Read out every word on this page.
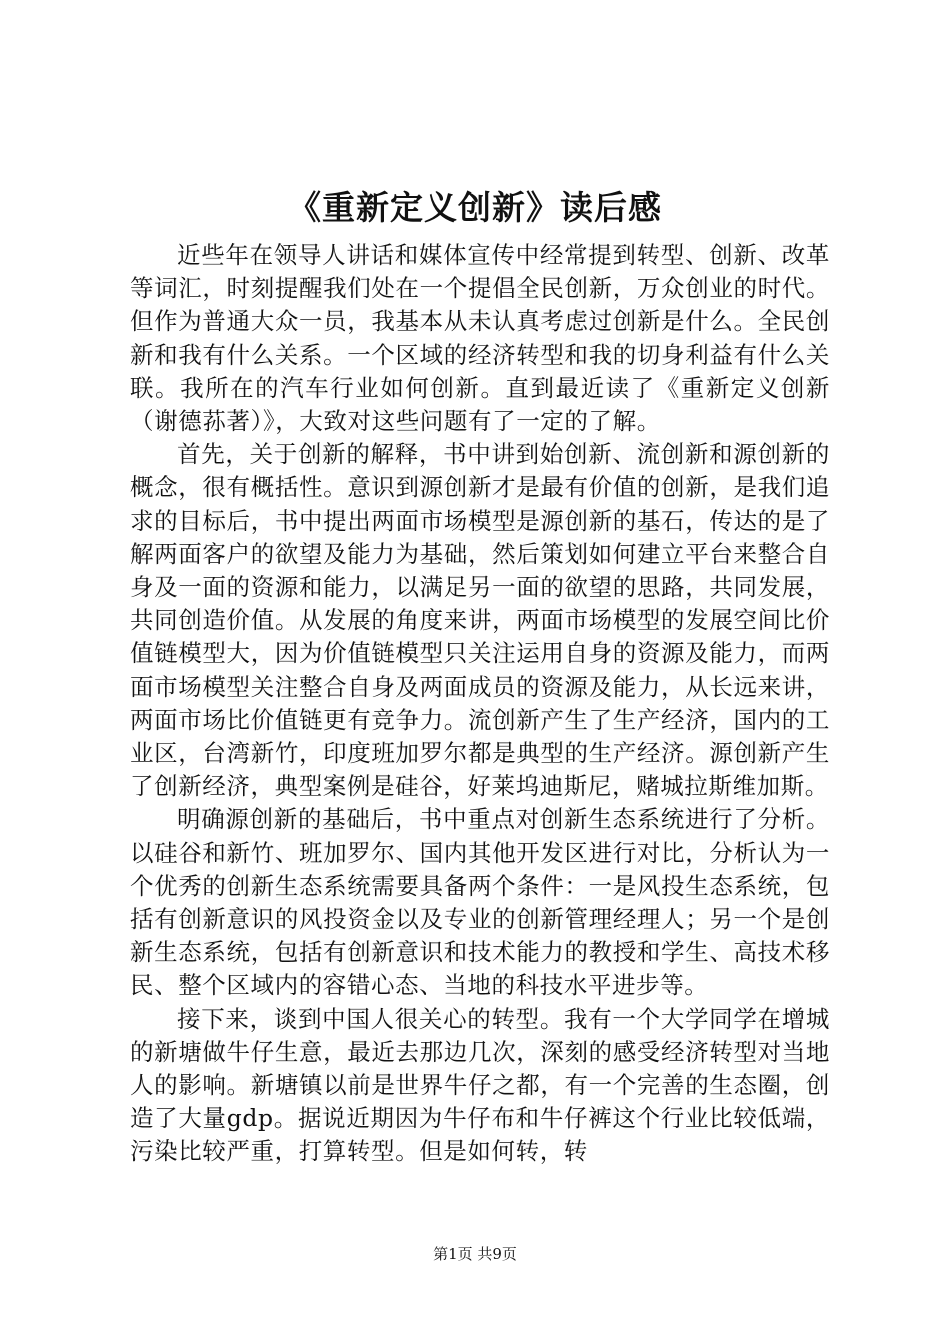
《重新定义创新》读后感

近些年在领导人讲话和媒体宣传中经常提到转型、创新、改革等词汇，时刻提醒我们处在一个提倡全民创新，万众创业的时代。但作为普通大众一员，我基本从未认真考虑过创新是什么。全民创新和我有什么关系。一个区域的经济转型和我的切身利益有什么关联。我所在的汽车行业如何创新。直到最近读了《重新定义创新（谢德荪著）》，大致对这些问题有了一定的了解。

首先，关于创新的解释，书中讲到始创新、流创新和源创新的概念，很有概括性。意识到源创新才是最有价值的创新，是我们追求的目标后，书中提出两面市场模型是源创新的基石，传达的是了解两面客户的欲望及能力为基础，然后策划如何建立平台来整合自身及一面的资源和能力，以满足另一面的欲望的思路，共同发展，共同创造价值。从发展的角度来讲，两面市场模型的发展空间比价值链模型大，因为价值链模型只关注运用自身的资源及能力，而两面市场模型关注整合自身及两面成员的资源及能力，从长远来讲，两面市场比价值链更有竞争力。流创新产生了生产经济，国内的工业区，台湾新竹，印度班加罗尔都是典型的生产经济。源创新产生了创新经济，典型案例是硅谷，好莱坞迪斯尼，赌城拉斯维加斯。

明确源创新的基础后，书中重点对创新生态系统进行了分析。以硅谷和新竹、班加罗尔、国内其他开发区进行对比，分析认为一个优秀的创新生态系统需要具备两个条件：一是风投生态系统，包括有创新意识的风投资金以及专业的创新管理经理人；另一个是创新生态系统，包括有创新意识和技术能力的教授和学生、高技术移民、整个区域内的容错心态、当地的科技水平进步等。

接下来，谈到中国人很关心的转型。我有一个大学同学在增城的新塘做牛仔生意，最近去那边几次，深刻的感受经济转型对当地人的影响。新塘镇以前是世界牛仔之都，有一个完善的生态圈，创造了大量gdp。据说近期因为牛仔布和牛仔裤这个行业比较低端，污染比较严重，打算转型。但是如何转，转

第1页 共9页
